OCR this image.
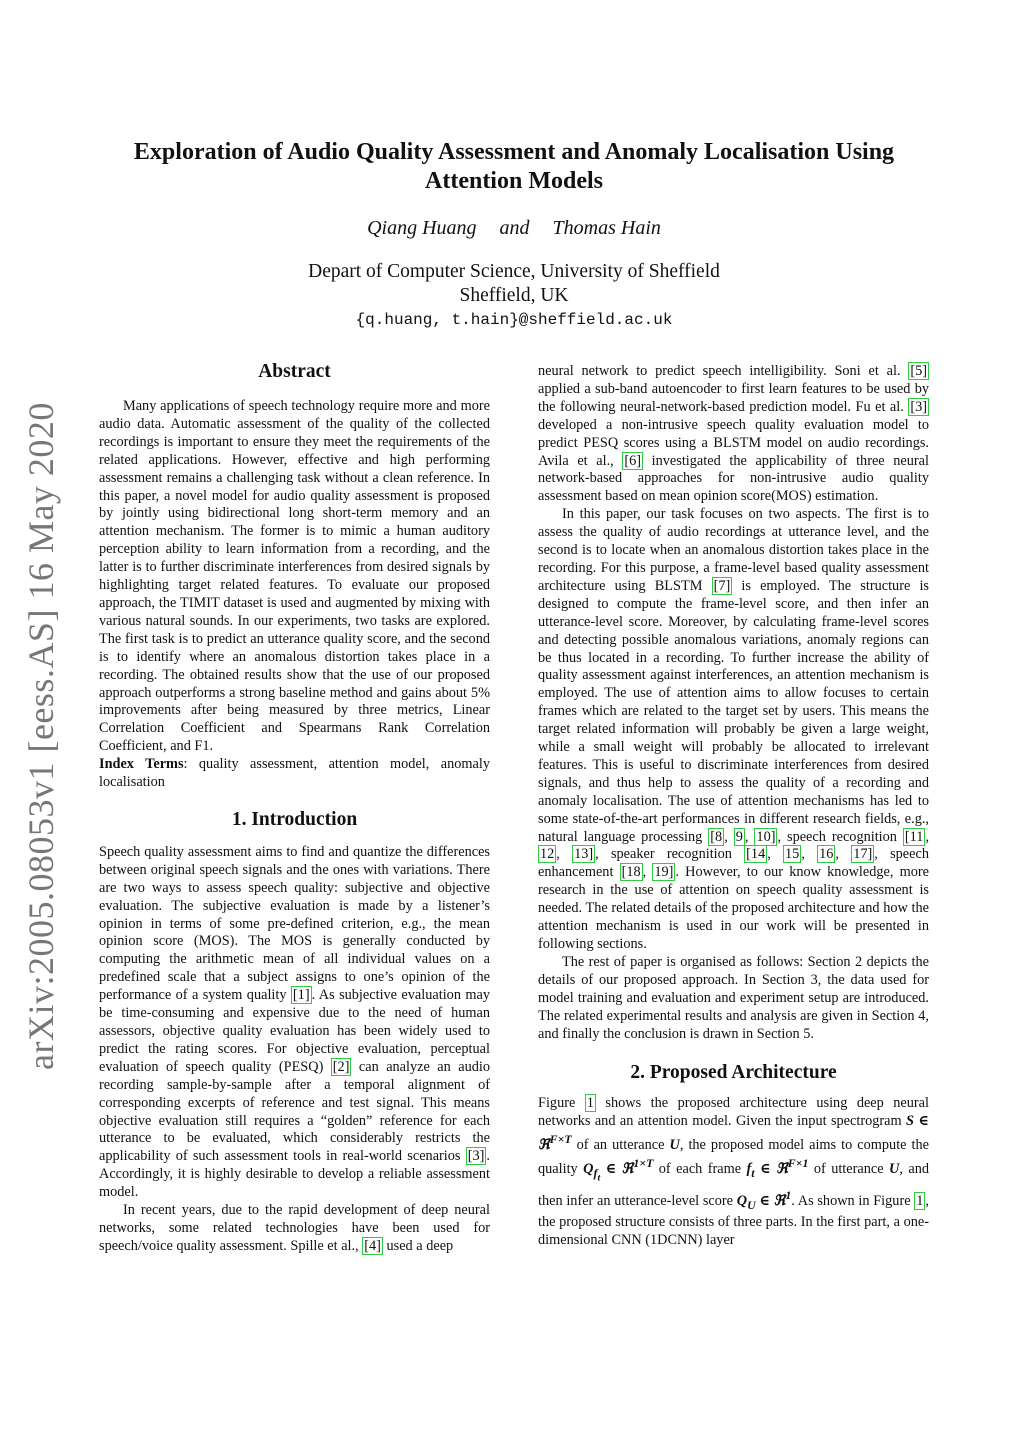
arXiv:2005.08053v1 [eess.AS] 16 May 2020
Exploration of Audio Quality Assessment and Anomaly Localisation Using
Attention Models
Qiang Huang and Thomas Hain
Depart of Computer Science, University of Sheffield
Sheffield, UK
{q.huang, t.hain}@sheffield.ac.uk
Abstract

Many applications of speech technology require more and more audio data. Automatic assessment of the quality of the collected recordings is important to ensure they meet the requirements of the related applications. However, effective and high performing assessment remains a challenging task without a clean reference. In this paper, a novel model for audio quality assessment is proposed by jointly using bidirectional long short-term memory and an attention mechanism. The former is to mimic a human auditory perception ability to learn information from a recording, and the latter is to further discriminate interferences from desired signals by highlighting target related features. To evaluate our proposed approach, the TIMIT dataset is used and augmented by mixing with various natural sounds. In our experiments, two tasks are explored. The first task is to predict an utterance quality score, and the second is to identify where an anomalous distortion takes place in a recording. The obtained results show that the use of our proposed approach outperforms a strong baseline method and gains about 5% improvements after being measured by three metrics, Linear Correlation Coefficient and Spearmans Rank Correlation Coefficient, and F1.

Index Terms: quality assessment, attention model, anomaly localisation

1. Introduction

Speech quality assessment aims to find and quantize the differences between original speech signals and the ones with variations. There are two ways to assess speech quality: subjective and objective evaluation. The subjective evaluation is made by a listener’s opinion in terms of some pre-defined criterion, e.g., the mean opinion score (MOS). The MOS is generally conducted by computing the arithmetic mean of all individual values on a predefined scale that a subject assigns to one’s opinion of the performance of a system quality [1] . As subjective evaluation may be time-consuming and expensive due to the need of human assessors, objective quality evaluation has been widely used to predict the rating scores. For objective evaluation, perceptual evaluation of speech quality (PESQ) [2] can analyze an audio recording sample-by-sample after a temporal alignment of corresponding excerpts of reference and test signal. This means objective evaluation still requires a “golden” reference for each utterance to be evaluated, which considerably restricts the applicability of such assessment tools in real-world scenarios [3] . Accordingly, it is highly desirable to develop a reliable assessment model.

In recent years, due to the rapid development of deep neural networks, some related technologies have been used for speech/voice quality assessment. Spille et al., [4] used a deep

neural network to predict speech intelligibility. Soni et al. [5] applied a sub-band autoencoder to first learn features to be used by the following neural-network-based prediction model. Fu et al. [3] developed a non-intrusive speech quality evaluation model to predict PESQ scores using a BLSTM model on audio recordings. Avila et al., [6] investigated the applicability of three neural network-based approaches for non-intrusive audio quality assessment based on mean opinion score(MOS) estimation.

In this paper, our task focuses on two aspects. The first is to assess the quality of audio recordings at utterance level, and the second is to locate when an anomalous distortion takes place in the recording. For this purpose, a frame-level based quality assessment architecture using BLSTM [7] is employed. The structure is designed to compute the frame-level score, and then infer an utterance-level score. Moreover, by calculating frame-level scores and detecting possible anomalous variations, anomaly regions can be thus located in a recording. To further increase the ability of quality assessment against interferences, an attention mechanism is employed. The use of attention aims to allow focuses to certain frames which are related to the target set by users. This means the target related information will probably be given a large weight, while a small weight will probably be allocated to irrelevant features. This is useful to discriminate interferences from desired signals, and thus help to assess the quality of a recording and anomaly localisation. The use of attention mechanisms has led to some state-of-the-art performances in different research fields, e.g., natural language processing [8 , 9 , 10] , speech recognition [11 , 12 , 13] , speaker recognition [14 , 15 , 16 , 17] , speech enhancement [18 , 19] . However, to our know knowledge, more research in the use of attention on speech quality assessment is needed. The related details of the proposed architecture and how the attention mechanism is used in our work will be presented in following sections.

The rest of paper is organised as follows: Section 2 depicts the details of our proposed approach. In Section 3, the data used for model training and evaluation and experiment setup are introduced. The related experimental results and analysis are given in Section 4, and finally the conclusion is drawn in Section 5.

2. Proposed Architecture

Figure 1 shows the proposed architecture using deep neural networks and an attention model. Given the input spectrogram S ∈ ℜ$^{F\times T}$ of an utterance U, the proposed model aims to compute the quality $Q_{f_t}$ ∈ ℜ$^{1\times T}$ of each frame $f_t$ ∈ ℜ$^{F\times 1}$ of utterance U, and then infer an utterance-level score $Q_U$ ∈ ℜ$^1$. As shown in Figure 1 , the proposed structure consists of three parts. In the first part, a one-dimensional CNN (1DCNN) layer
